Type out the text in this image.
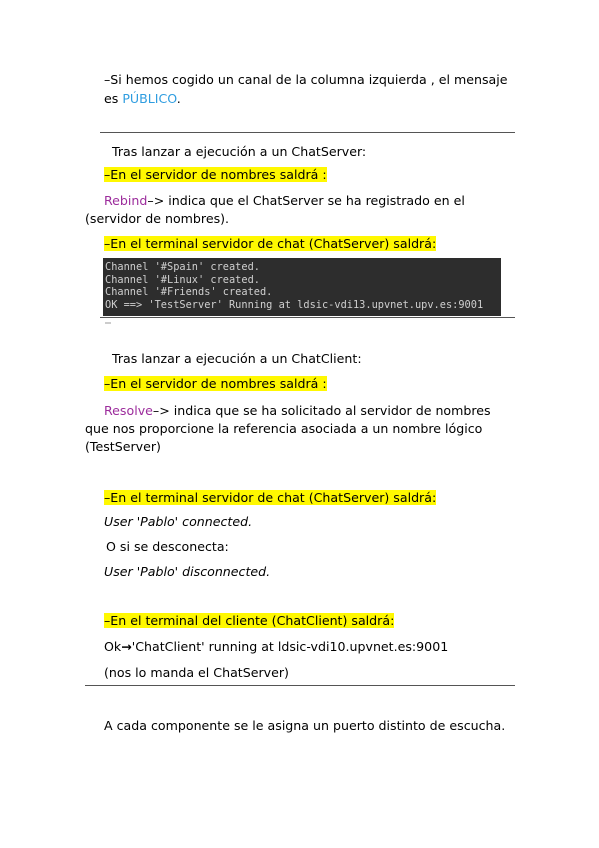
–Si hemos cogido un canal de la columna izquierda , el mensaje
es PÚBLICO.
Tras lanzar a ejecución a un ChatServer:
–En el servidor de nombres saldrá :
Rebind–> indica que el ChatServer se ha registrado en el
(servidor de nombres).
–En el terminal servidor de chat (ChatServer) saldrá:
Channel '#Spain' created.
Channel '#Linux' created.
Channel '#Friends' created.
OK ==> 'TestServer' Running at ldsic-vdi13.upvnet.upv.es:9001
Tras lanzar a ejecución a un ChatClient:
–En el servidor de nombres saldrá :
Resolve–> indica que se ha solicitado al servidor de nombres
que nos proporcione la referencia asociada a un nombre lógico
(TestServer)
–En el terminal servidor de chat (ChatServer) saldrá:
User 'Pablo' connected.
O si se desconecta:
User 'Pablo' disconnected.
–En el terminal del cliente (ChatClient) saldrá:
Ok→'ChatClient' running at ldsic-vdi10.upvnet.es:9001
(nos lo manda el ChatServer)
A cada componente se le asigna un puerto distinto de escucha.
